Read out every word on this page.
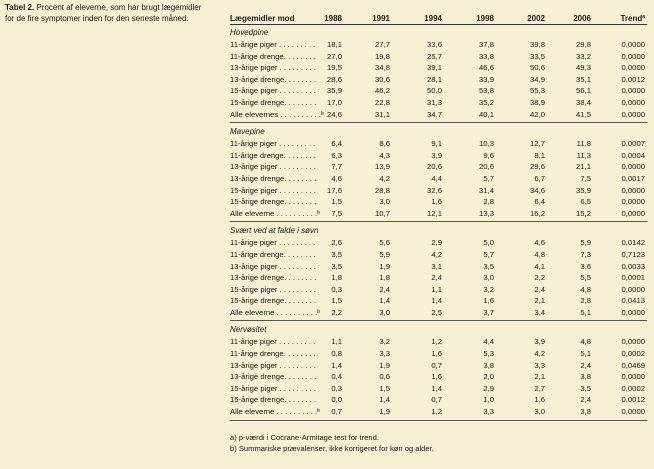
Tabel 2. Procent af eleverne, som har brugt lægemidler for de fire symptomer inden for den seneste måned.	Lægemidler mod	1988	1991	1994	1998	2002	2006	Trend$^a$
Hovedpine
11-årige piger . . . . . . . . .	18,1	27,7	33,6	37,8	39,8	29,8	0,0000
11-årige drenge. . . . . . . .	27,0	19,8	25,7	33,8	33,5	33,2	0,0000
13-årige piger . . . . . . . . .	19,5	34,8	39,1	46,6	50,6	49,3	0,0000
13-årige drenge. . . . . . . .	28,6	30,6	28,1	33,9	34,9	35,1	0,0012
15-årige piger . . . . . . . . .	35,9	46,2	50,0	53,8	55,3	56,1	0,0000
15-årige drenge. . . . . . . .	17,0	22,8	31,3	35,2	38,9	38,4	0,0000
Alle elevernes . . . . . . . . . .$^b$ 24,6	31,1	34,7	40,1	42,0	41,5	0,0000
Mavepine
11-årige piger . . . . . . . . .	6,4	8,6	9,1	10,3	12,7	11,8	0,0007
11-årige drenge. . . . . . . .	6,3	4,3	3,9	9,6	8,1	11,3	0,0004
13-årige piger . . . . . . . . .	7,7	13,9	20,6	20,6	29,6	21,1	0,0000
13-årige drenge. . . . . . . .	4,6	4,2	4,4	5,7	6,7	7,5	0,0017
15-årige piger . . . . . . . . .	17,6	28,8	32,6	31,4	34,6	35,9	0,0000
15-årige drenge. . . . . . . .	1,5	3,0	1,6	2,8	6,4	6,5	0,0000
Alle eleverne . . . . . . . . . .$^b$	7,5	10,7	12,1	13,3	16,2	15,2	0,0000
Svært ved at falde i søvn
11-årige piger . . . . . . . . .	2,6	5,6	2,9	5,0	4,6	5,9	0,0142
11-årige drenge. . . . . . . .	3,5	5,9	4,2	5,7	4,8	7,3	0,7123
13-årige piger . . . . . . . . .	3,5	1,9	3,1	3,5	4,1	3,6	0,0033
13-årige drenge. . . . . . . .	1,8	1,8	2,4	3,0	2,2	5,5	0,0001
15-årige piger . . . . . . . . .	0,3	2,4	1,1	3,2	2,4	4,8	0,0000
15-årige drenge. . . . . . . .	1,5	1,4	1,4	1,6	2,1	2,8	0,0413
Alle eleverne . . . . . . . . . .$^b$	2,2	3,0	2,5	3,7	3,4	5,1	0,0000
Nervøsitet
11-årige piger . . . . . . . . .	1,1	3,2	1,2	4,4	3,9	4,8	0,0000
11-årige drenge. . . . . . . .	0,8	3,3	1,6	5,3	4,2	5,1	0,0002
13-årige piger . . . . . . . . .	1,4	1,9	0,7	3,8	3,3	2,4	0,0469
13-årige drenge. . . . . . . .	0,4	0,6	1,6	2,0	2,1	3,8	0,0000
15-årige piger . . . . . . . . .	0,3	1,5	1,4	2,9	2,7	3,5	0,0002
15-årige drenge. . . . . . . .	0,0	1,4	0,7	1,0	1,6	2,4	0,0012
Alle eleverne . . . . . . . . . .$^b$	0,7	1,9	1,2	3,3	3,0	3,8	0,0000
a) p-værdi i Cocrane-Armitage test for trend.
b) Summariske prævalenser, ikke korrigeret for køn og alder.
